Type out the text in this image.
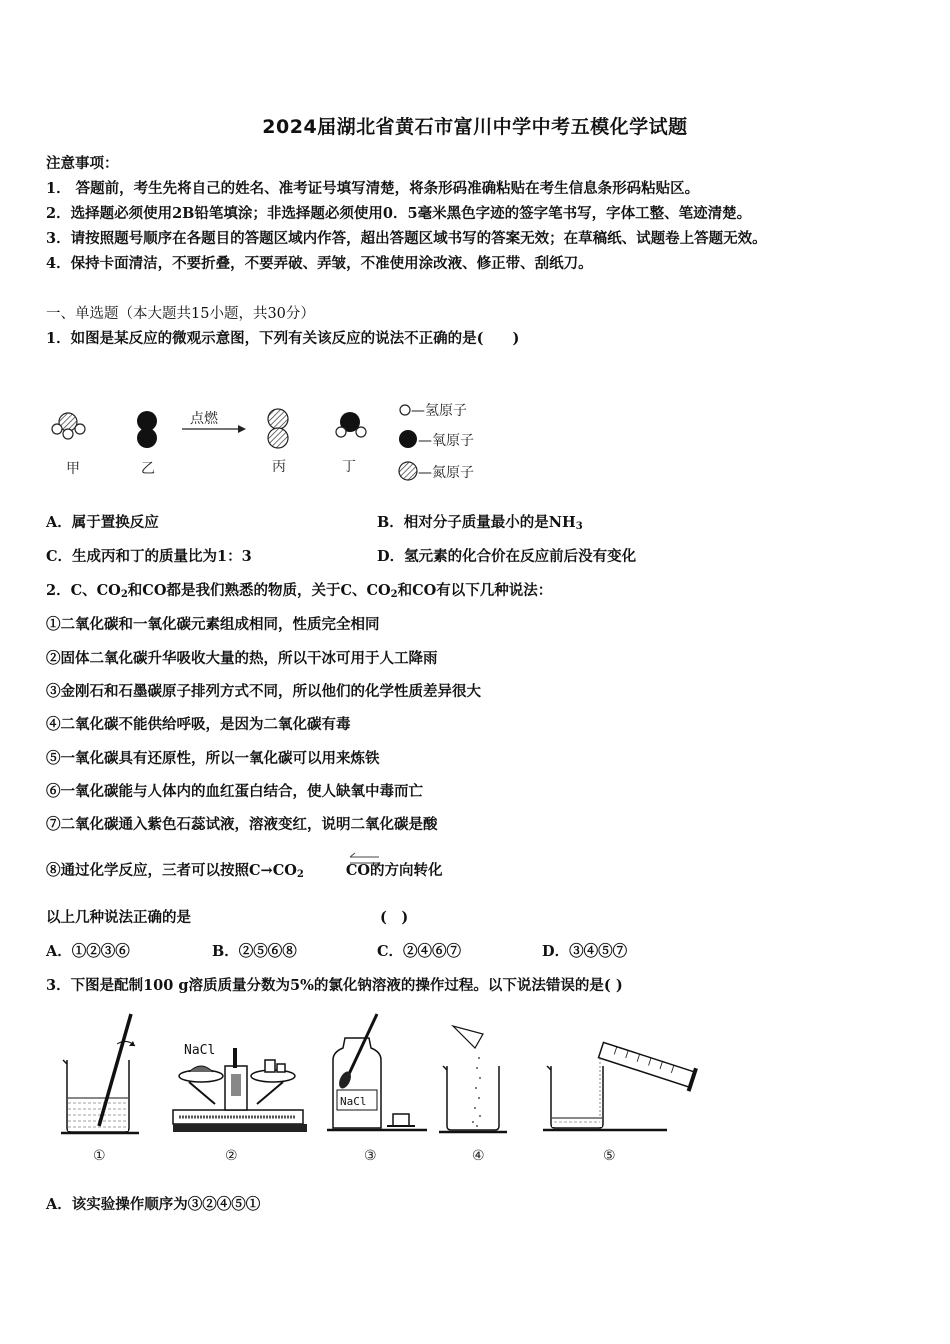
2024届湖北省黄石市富川中学中考五模化学试题
注意事项：
1． 答题前，考生先将自己的姓名、准考证号填写清楚，将条形码准确粘贴在考生信息条形码粘贴区。
2．选择题必须使用2B铅笔填涂；非选择题必须使用0．5毫米黑色字迹的签字笔书写，字体工整、笔迹清楚。
3．请按照题号顺序在各题目的答题区域内作答，超出答题区域书写的答案无效；在草稿纸、试题卷上答题无效。
4．保持卡面清洁，不要折叠，不要弄破、弄皱，不准使用涂改液、修正带、刮纸刀。
一、单选题（本大题共15小题，共30分）
1．如图是某反应的微观示意图，下列有关该反应的说法不正确的是(　　)
点燃
甲	乙	丙	丁
—氢原子
—氧原子
—氮原子
A．属于置换反应	B．相对分子质量最小的是$NH_3$
C．生成丙和丁的质量比为1：3	D．氢元素的化合价在反应前后没有变化
2．C、$CO_2$和CO都是我们熟悉的物质，关于C、$CO_2$和CO有以下几种说法：
①二氧化碳和一氧化碳元素组成相同，性质完全相同
②固体二氧化碳升华吸收大量的热，所以干冰可用于人工降雨
③金刚石和石墨碳原子排列方式不同，所以他们的化学性质差异很大
④二氧化碳不能供给呼吸，是因为二氧化碳有毒
⑤一氧化碳具有还原性，所以一氧化碳可以用来炼铁
⑥一氧化碳能与人体内的血红蛋白结合，使人缺氧中毒而亡
⑦二氧化碳通入紫色石蕊试液，溶液变红，说明二氧化碳是酸
⑧通过化学反应，三者可以按照$C\to CO_2$	CO的方向转化
以上几种说法正确的是	(　)
A．①②③⑥	B．②⑤⑥⑧	C．②④⑥⑦	D．③④⑤⑦
3．下图是配制100 g溶质质量分数为5%的氯化钠溶液的操作过程。以下说法错误的是( )
NaCl
NaCl
①	②	③	④	⑤
A．该实验操作顺序为③②④⑤①
